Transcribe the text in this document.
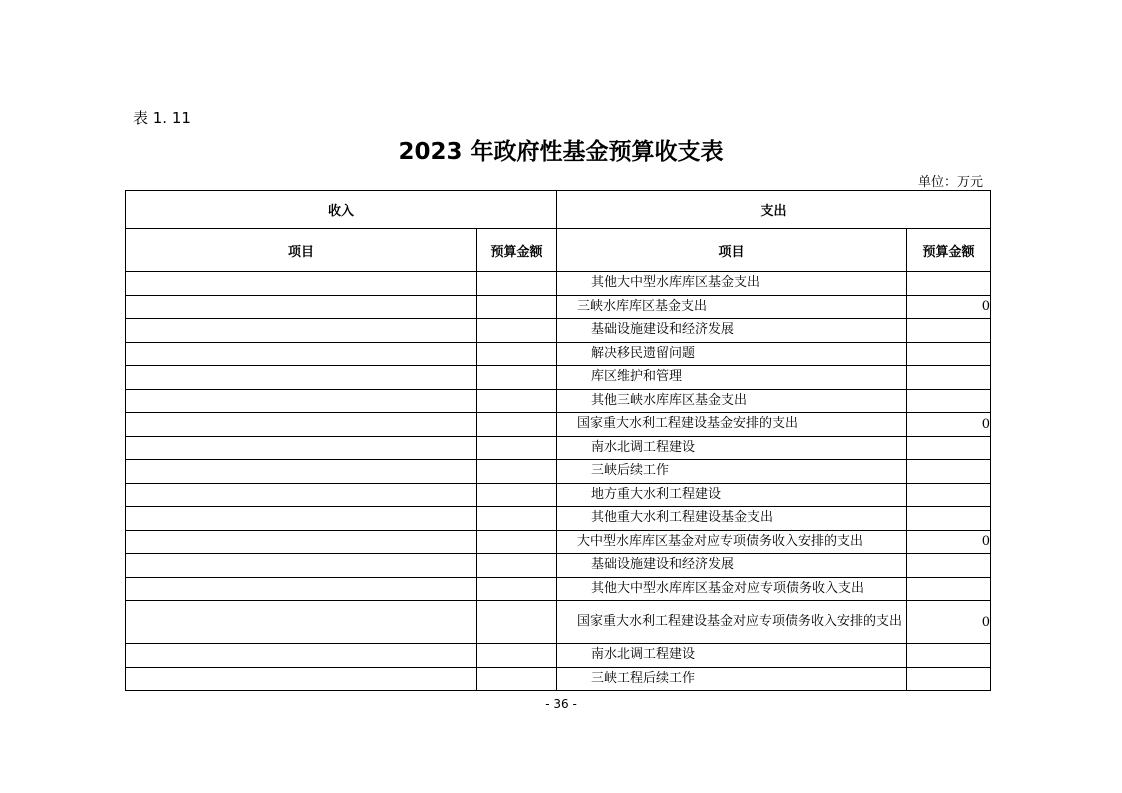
表 1. 11
2023 年政府性基金预算收支表
单位：万元
收入		支出	
项目	预算金额	项目	预算金额
		其他大中型水库库区基金支出	
		三峡水库库区基金支出	0
		基础设施建设和经济发展	
		解决移民遗留问题	
		库区维护和管理	
		其他三峡水库库区基金支出	
		国家重大水利工程建设基金安排的支出	0
		南水北调工程建设	
		三峡后续工作	
		地方重大水利工程建设	
		其他重大水利工程建设基金支出	
		大中型水库库区基金对应专项债务收入安排的支出	0
		基础设施建设和经济发展	
		其他大中型水库库区基金对应专项债务收入支出	
		国家重大水利工程建设基金对应专项债务收入安排的支出	0
		南水北调工程建设	
		三峡工程后续工作	
- 36 -
